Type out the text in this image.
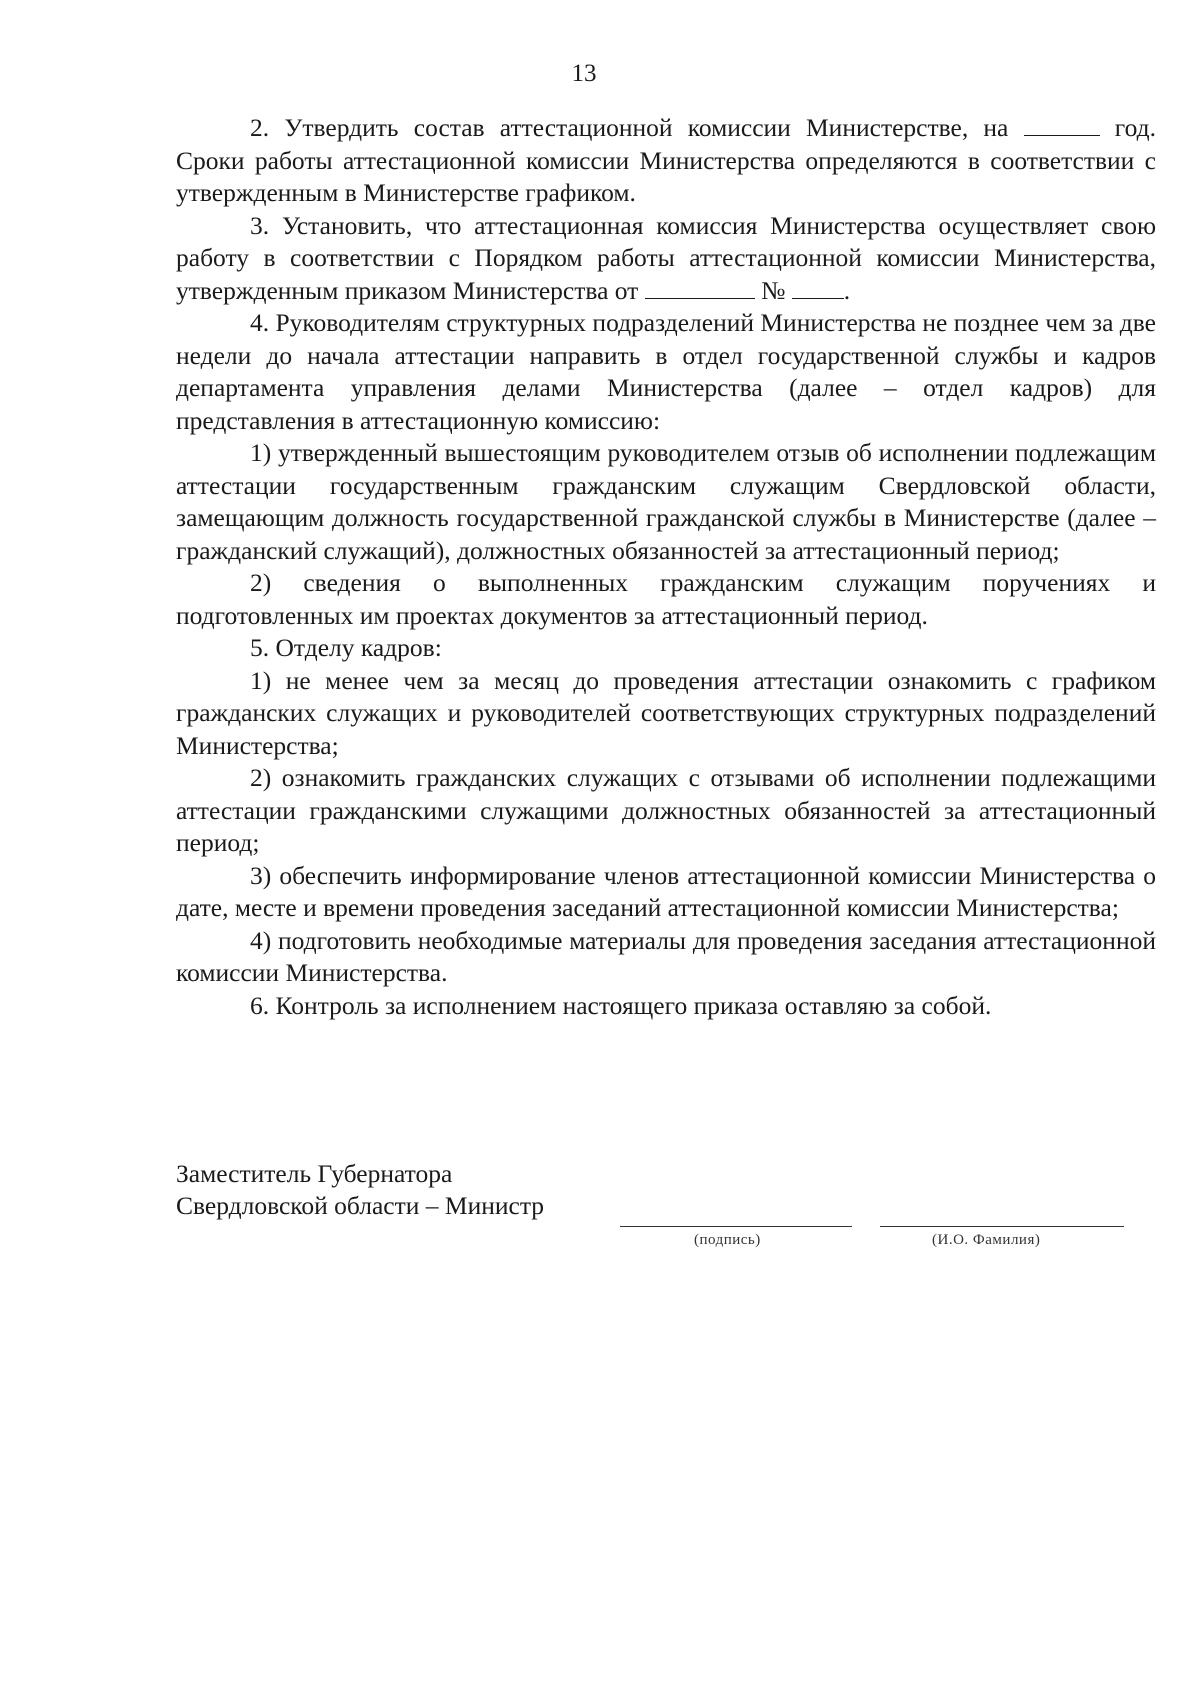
13

2. Утвердить состав аттестационной комиссии Министерстве, на	год. Сроки работы аттестационной комиссии Министерства определяются в соответствии с утвержденным в Министерстве графиком.

3. Установить, что аттестационная комиссия Министерства осуществляет свою работу в соответствии с Порядком работы аттестационной комиссии Министерства, утвержденным приказом Министерства от	№ .

4. Руководителям структурных подразделений Министерства не позднее чем за две недели до начала аттестации направить в отдел государственной службы и кадров департамента управления делами Министерства (далее – отдел кадров) для представления в аттестационную комиссию:

1) утвержденный вышестоящим руководителем отзыв об исполнении подлежащим аттестации государственным гражданским служащим Свердловской области, замещающим должность государственной гражданской службы в Министерстве (далее – гражданский служащий), должностных обязанностей за аттестационный период;

2) сведения о выполненных гражданским служащим поручениях и подготовленных им проектах документов за аттестационный период.

5. Отделу кадров:

1) не менее чем за месяц до проведения аттестации ознакомить с графиком гражданских служащих и руководителей соответствующих структурных подразделений Министерства;

2) ознакомить гражданских служащих с отзывами об исполнении подлежащими аттестации гражданскими служащими должностных обязанностей за аттестационный период;

3) обеспечить информирование членов аттестационной комиссии Министерства о дате, месте и времени проведения заседаний аттестационной комиссии Министерства;

4) подготовить необходимые материалы для проведения заседания аттестационной комиссии Министерства.

6. Контроль за исполнением настоящего приказа оставляю за собой.

Заместитель Губернатора
Свердловской области – Министр
(подпись)	(И.О. Фамилия)
